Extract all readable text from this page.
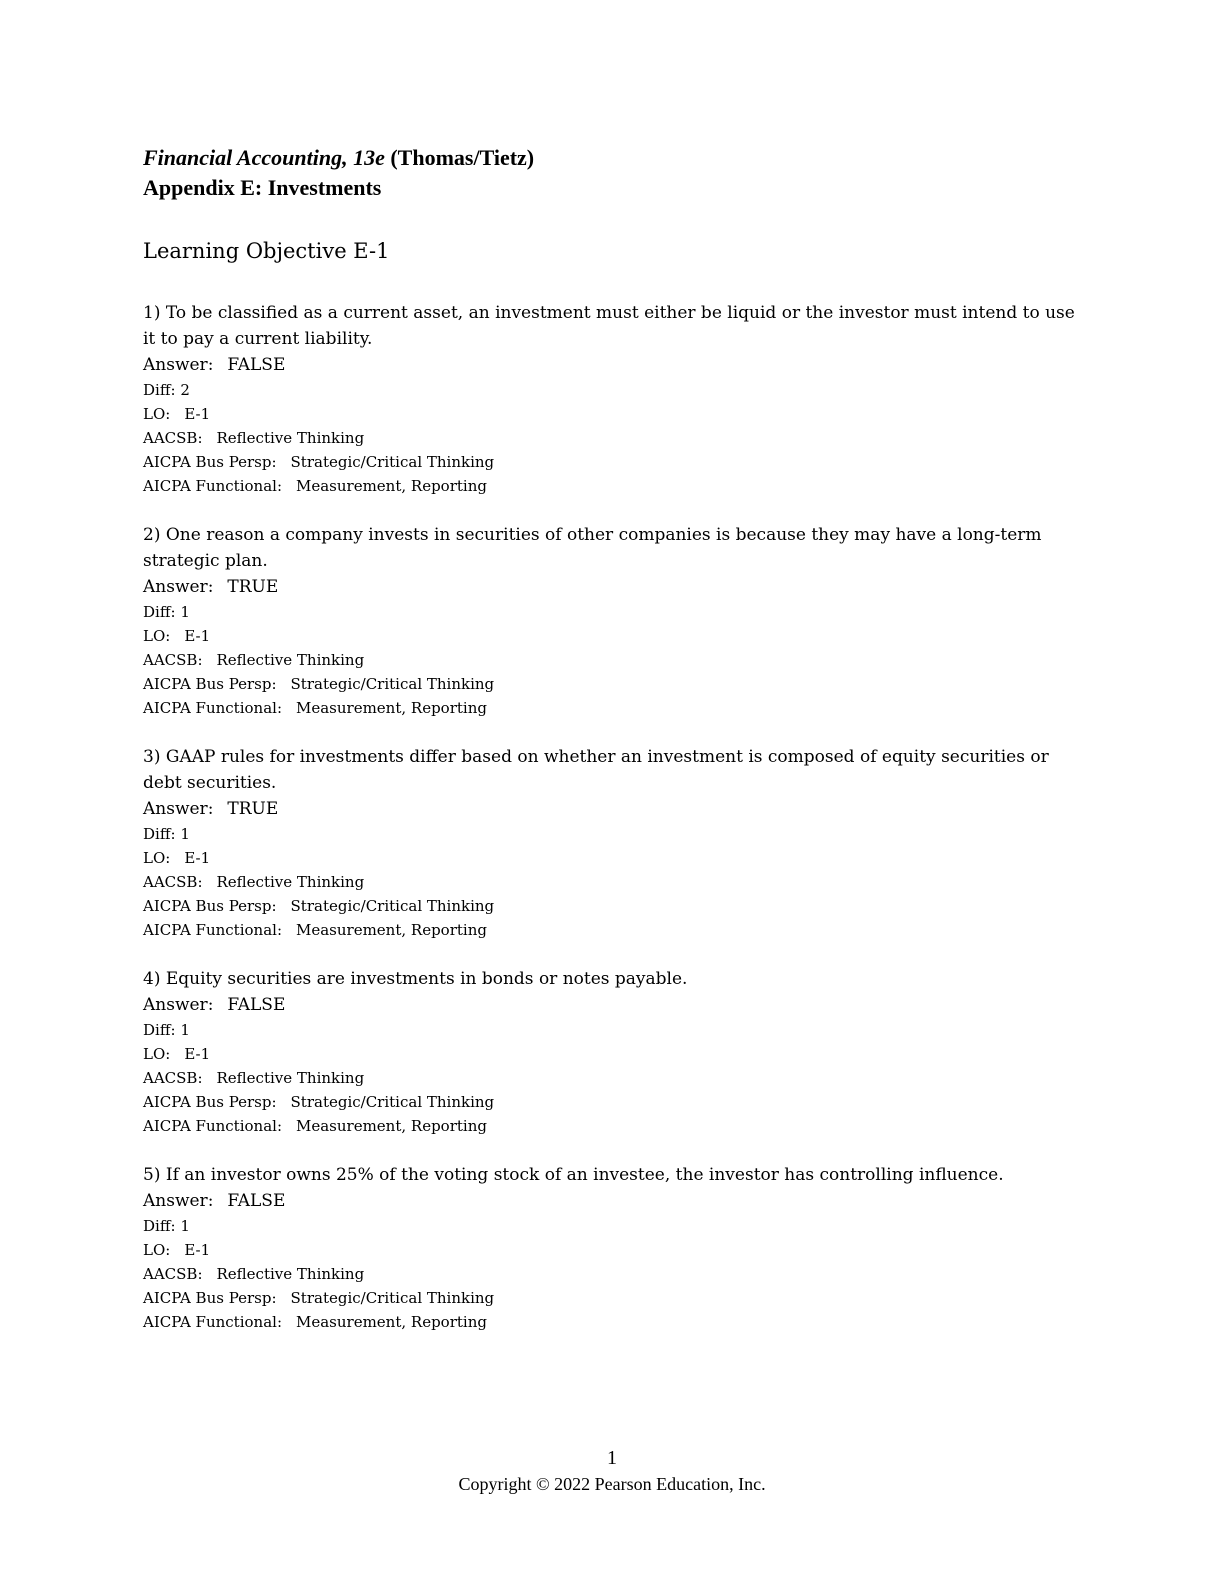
Financial Accounting, 13e (Thomas/Tietz)
Appendix E: Investments
Learning Objective E-1
1) To be classified as a current asset, an investment must either be liquid or the investor must intend to use it to pay a current liability.
Answer: FALSE
Diff: 2
LO: E-1
AACSB: Reflective Thinking
AICPA Bus Persp: Strategic/Critical Thinking
AICPA Functional: Measurement, Reporting
2) One reason a company invests in securities of other companies is because they may have a long-term strategic plan.
Answer: TRUE
Diff: 1
LO: E-1
AACSB: Reflective Thinking
AICPA Bus Persp: Strategic/Critical Thinking
AICPA Functional: Measurement, Reporting
3) GAAP rules for investments differ based on whether an investment is composed of equity securities or debt securities.
Answer: TRUE
Diff: 1
LO: E-1
AACSB: Reflective Thinking
AICPA Bus Persp: Strategic/Critical Thinking
AICPA Functional: Measurement, Reporting
4) Equity securities are investments in bonds or notes payable.
Answer: FALSE
Diff: 1
LO: E-1
AACSB: Reflective Thinking
AICPA Bus Persp: Strategic/Critical Thinking
AICPA Functional: Measurement, Reporting
5) If an investor owns 25% of the voting stock of an investee, the investor has controlling influence.
Answer: FALSE
Diff: 1
LO: E-1
AACSB: Reflective Thinking
AICPA Bus Persp: Strategic/Critical Thinking
AICPA Functional: Measurement, Reporting
1
Copyright © 2022 Pearson Education, Inc.
